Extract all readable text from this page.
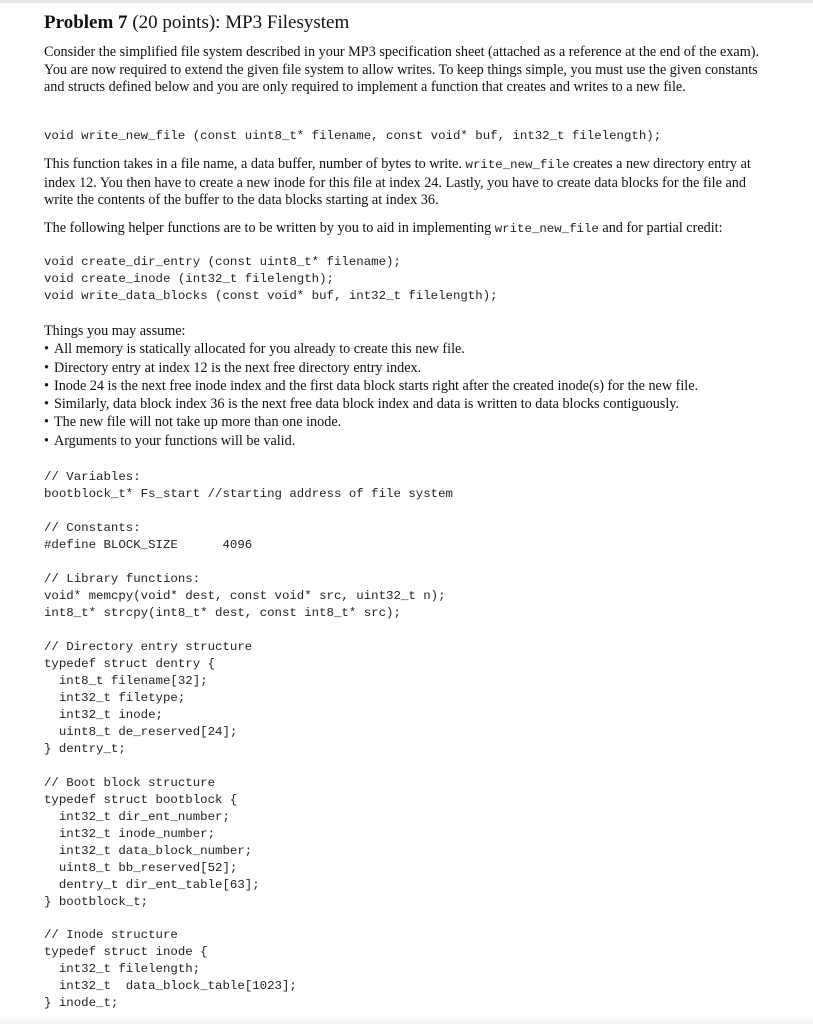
Problem 7 (20 points): MP3 Filesystem

Consider the simplified file system described in your MP3 specification sheet (attached as a reference at the end of the exam). You are now required to extend the given file system to allow writes. To keep things simple, you must use the given constants and structs defined below and you are only required to implement a function that creates and writes to a new file.

void write_new_file (const uint8_t* filename, const void* buf, int32_t filelength);

This function takes in a file name, a data buffer, number of bytes to write. write_new_file creates a new directory entry at index 12. You then have to create a new inode for this file at index 24. Lastly, you have to create data blocks for the file and write the contents of the buffer to the data blocks starting at index 36.

The following helper functions are to be written by you to aid in implementing write_new_file and for partial credit:

void create_dir_entry (const uint8_t* filename);
void create_inode (int32_t filelength);
void write_data_blocks (const void* buf, int32_t filelength);

Things you may assume:

• All memory is statically allocated for you already to create this new file.
• Directory entry at index 12 is the next free directory entry index.
• Inode 24 is the next free inode index and the first data block starts right after the created inode(s) for the new file.
• Similarly, data block index 36 is the next free data block index and data is written to data blocks contiguously.
• The new file will not take up more than one inode.
• Arguments to your functions will be valid.
// Variables:
bootblock_t* Fs_start //starting address of file system
// Constants:
#define BLOCK_SIZE      4096
// Library functions:
void* memcpy(void* dest, const void* src, uint32_t n);
int8_t* strcpy(int8_t* dest, const int8_t* src);
// Directory entry structure
typedef struct dentry {
int8_t filename[32];
int32_t filetype;
int32_t inode;
uint8_t de_reserved[24];
} dentry_t;
// Boot block structure
typedef struct bootblock {
int32_t dir_ent_number;
int32_t inode_number;
int32_t data_block_number;
uint8_t bb_reserved[52];
dentry_t dir_ent_table[63];
} bootblock_t;
// Inode structure
typedef struct inode {
int32_t filelength;
int32_t  data_block_table[1023];
} inode_t;
